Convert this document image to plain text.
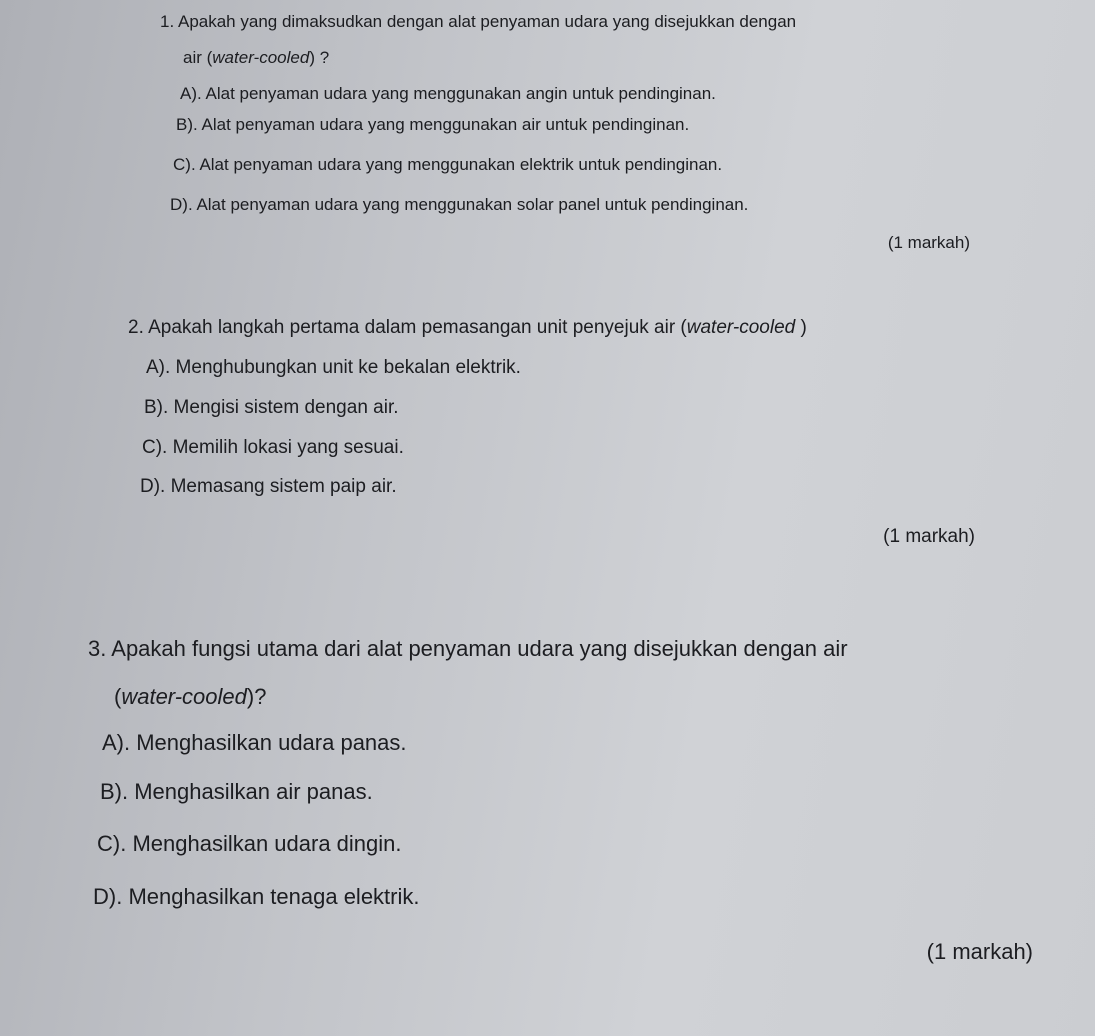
1. Apakah yang dimaksudkan dengan alat penyaman udara yang disejukkan dengan
air (water-cooled) ?
A). Alat penyaman udara yang menggunakan angin untuk pendinginan.
B). Alat penyaman udara yang menggunakan air untuk pendinginan.
C). Alat penyaman udara yang menggunakan elektrik untuk pendinginan.
D). Alat penyaman udara yang menggunakan solar panel untuk pendinginan.
(1 markah)
2. Apakah langkah pertama dalam pemasangan unit penyejuk air (water-cooled )
A). Menghubungkan unit ke bekalan elektrik.
B). Mengisi sistem dengan air.
C). Memilih lokasi yang sesuai.
D). Memasang sistem paip air.
(1 markah)
3. Apakah fungsi utama dari alat penyaman udara yang disejukkan dengan air
(water-cooled)?
A). Menghasilkan udara panas.
B). Menghasilkan air panas.
C). Menghasilkan udara dingin.
D). Menghasilkan tenaga elektrik.
(1 markah)
